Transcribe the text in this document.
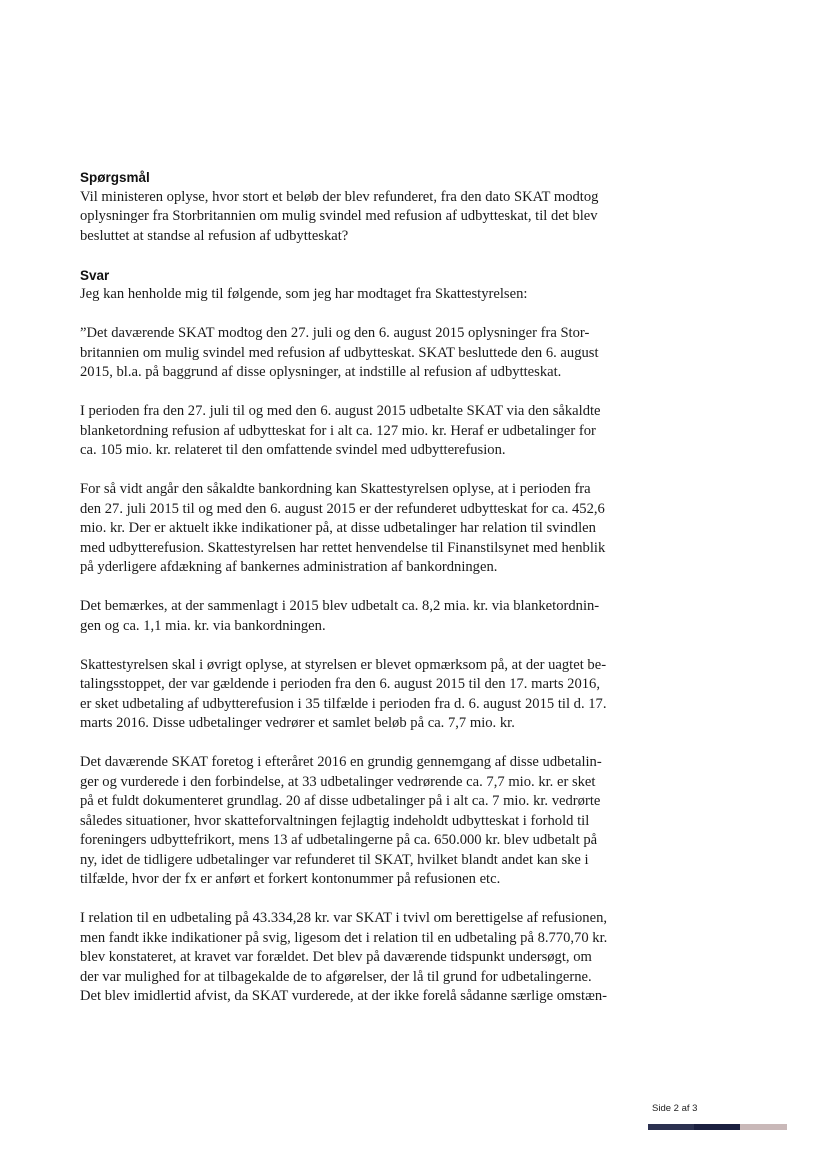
Spørgsmål

Vil ministeren oplyse, hvor stort et beløb der blev refunderet, fra den dato SKAT modtog
oplysninger fra Storbritannien om mulig svindel med refusion af udbytteskat, til det blev
besluttet at standse al refusion af udbytteskat?

Svar

Jeg kan henholde mig til følgende, som jeg har modtaget fra Skattestyrelsen:

”Det daværende SKAT modtog den 27. juli og den 6. august 2015 oplysninger fra Stor-
britannien om mulig svindel med refusion af udbytteskat. SKAT besluttede den 6. august
2015, bl.a. på baggrund af disse oplysninger, at indstille al refusion af udbytteskat.

I perioden fra den 27. juli til og med den 6. august 2015 udbetalte SKAT via den såkaldte
blanketordning refusion af udbytteskat for i alt ca. 127 mio. kr. Heraf er udbetalinger for
ca. 105 mio. kr. relateret til den omfattende svindel med udbytterefusion.

For så vidt angår den såkaldte bankordning kan Skattestyrelsen oplyse, at i perioden fra
den 27. juli 2015 til og med den 6. august 2015 er der refunderet udbytteskat for ca. 452,6
mio. kr. Der er aktuelt ikke indikationer på, at disse udbetalinger har relation til svindlen
med udbytterefusion. Skattestyrelsen har rettet henvendelse til Finanstilsynet med henblik
på yderligere afdækning af bankernes administration af bankordningen.

Det bemærkes, at der sammenlagt i 2015 blev udbetalt ca. 8,2 mia. kr. via blanketordnin-
gen og ca. 1,1 mia. kr. via bankordningen.

Skattestyrelsen skal i øvrigt oplyse, at styrelsen er blevet opmærksom på, at der uagtet be-
talingsstoppet, der var gældende i perioden fra den 6. august 2015 til den 17. marts 2016,
er sket udbetaling af udbytterefusion i 35 tilfælde i perioden fra d. 6. august 2015 til d. 17.
marts 2016. Disse udbetalinger vedrører et samlet beløb på ca. 7,7 mio. kr.

Det daværende SKAT foretog i efteråret 2016 en grundig gennemgang af disse udbetalin-
ger og vurderede i den forbindelse, at 33 udbetalinger vedrørende ca. 7,7 mio. kr. er sket
på et fuldt dokumenteret grundlag. 20 af disse udbetalinger på i alt ca. 7 mio. kr. vedrørte
således situationer, hvor skatteforvaltningen fejlagtig indeholdt udbytteskat i forhold til
foreningers udbyttefrikort, mens 13 af udbetalingerne på ca. 650.000 kr. blev udbetalt på
ny, idet de tidligere udbetalinger var refunderet til SKAT, hvilket blandt andet kan ske i
tilfælde, hvor der fx er anført et forkert kontonummer på refusionen etc.

I relation til en udbetaling på 43.334,28 kr. var SKAT i tvivl om berettigelse af refusionen,
men fandt ikke indikationer på svig, ligesom det i relation til en udbetaling på 8.770,70 kr.
blev konstateret, at kravet var forældet. Det blev på daværende tidspunkt undersøgt, om
der var mulighed for at tilbagekalde de to afgørelser, der lå til grund for udbetalingerne.
Det blev imidlertid afvist, da SKAT vurderede, at der ikke forelå sådanne særlige omstæn-

Side 2 af 3
